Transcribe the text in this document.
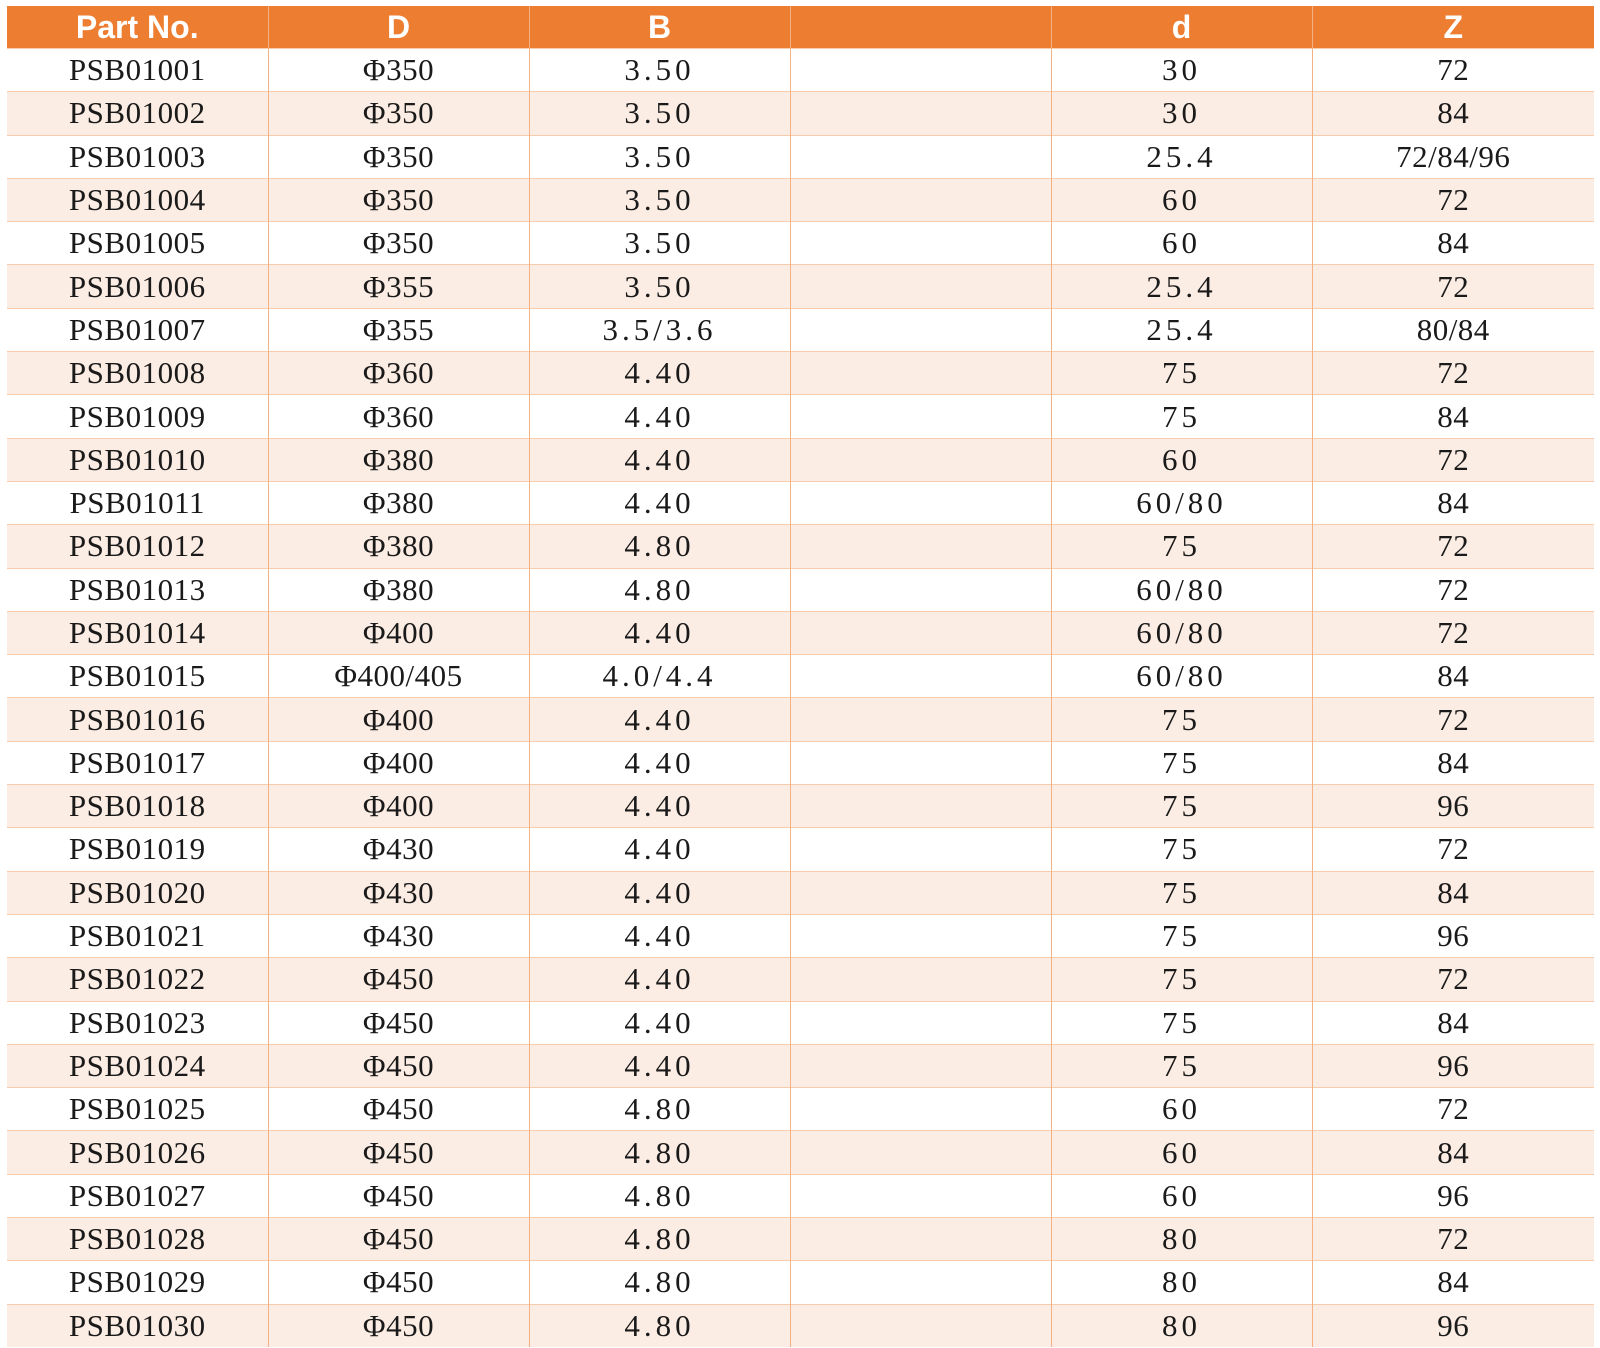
Part No.	D	B		d	Z
PSB01001	Φ350	3.50		30	72
PSB01002	Φ350	3.50		30	84
PSB01003	Φ350	3.50		25.4	72/84/96
PSB01004	Φ350	3.50		60	72
PSB01005	Φ350	3.50		60	84
PSB01006	Φ355	3.50		25.4	72
PSB01007	Φ355	3.5/3.6		25.4	80/84
PSB01008	Φ360	4.40		75	72
PSB01009	Φ360	4.40		75	84
PSB01010	Φ380	4.40		60	72
PSB01011	Φ380	4.40		60/80	84
PSB01012	Φ380	4.80		75	72
PSB01013	Φ380	4.80		60/80	72
PSB01014	Φ400	4.40		60/80	72
PSB01015	Φ400/405	4.0/4.4		60/80	84
PSB01016	Φ400	4.40		75	72
PSB01017	Φ400	4.40		75	84
PSB01018	Φ400	4.40		75	96
PSB01019	Φ430	4.40		75	72
PSB01020	Φ430	4.40		75	84
PSB01021	Φ430	4.40		75	96
PSB01022	Φ450	4.40		75	72
PSB01023	Φ450	4.40		75	84
PSB01024	Φ450	4.40		75	96
PSB01025	Φ450	4.80		60	72
PSB01026	Φ450	4.80		60	84
PSB01027	Φ450	4.80		60	96
PSB01028	Φ450	4.80		80	72
PSB01029	Φ450	4.80		80	84
PSB01030	Φ450	4.80		80	96
